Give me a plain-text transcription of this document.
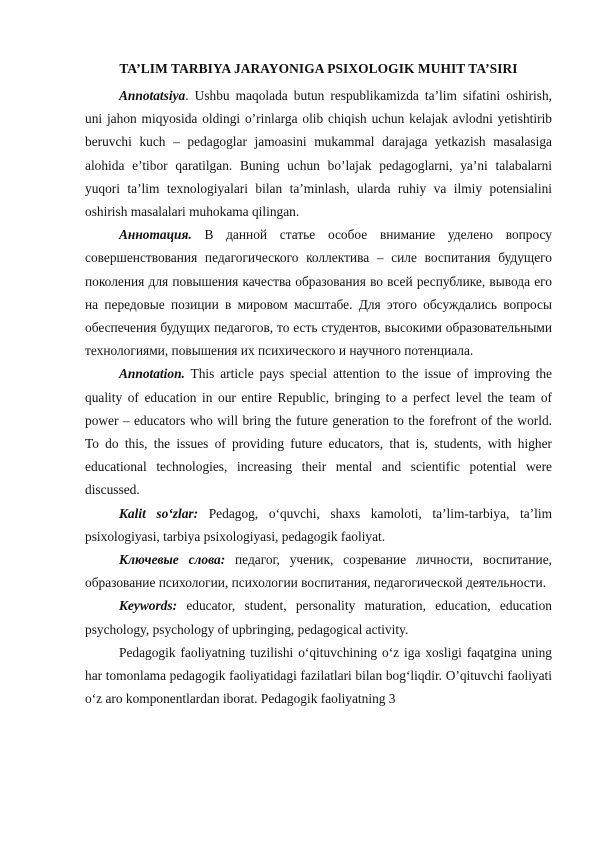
TA’LIM TARBIYA JARAYONIGA PSIXOLOGIK MUHIT TA’SIRI

Annotatsiya. Ushbu maqolada butun respublikamizda ta’lim sifatini oshirish, uni jahon miqyosida oldingi o’rinlarga olib chiqish uchun kelajak avlodni yetishtirib beruvchi kuch – pedagoglar jamoasini mukammal darajaga yetkazish masalasiga alohida e’tibor qaratilgan. Buning uchun bo’lajak pedagoglarni, ya’ni talabalarni yuqori ta’lim texnologiyalari bilan ta’minlash, ularda ruhiy va ilmiy potensialini oshirish masalalari muhokama qilingan.

Аннотация. В данной статье особое внимание уделено вопросу совершенствования педагогического коллектива – силе воспитания будущего поколения для повышения качества образования во всей республике, вывода его на передовые позиции в мировом масштабе. Для этого обсуждались вопросы обеспечения будущих педагогов, то есть студентов, высокими образовательными технологиями, повышения их психического и научного потенциала.

Annotation. This article pays special attention to the issue of improving the quality of education in our entire Republic, bringing to a perfect level the team of power – educators who will bring the future generation to the forefront of the world. To do this, the issues of providing future educators, that is, students, with higher educational technologies, increasing their mental and scientific potential were discussed.

Kalit so‘zlar: Pedagog, o‘quvchi, shaxs kamoloti, ta’lim-tarbiya, ta’lim psixologiyasi, tarbiya psixologiyasi, pedagogik faoliyat.

Ключевые слова: педагог, ученик, созревание личности, воспитание, образование психологии, психологии воспитания, педагогической деятельности.

Keywords: educator, student, personality maturation, education, education psychology, psychology of upbringing, pedagogical activity.

Pedagogik faoliyatning tuzilishi o‘qituvchining o‘z iga xosligi faqatgina uning har tomonlama pedagogik faoliyatidagi fazilatlari bilan bog‘liqdir. O’qituvchi faoliyati o‘z aro komponentlardan iborat. Pedagogik faoliyatning 3
